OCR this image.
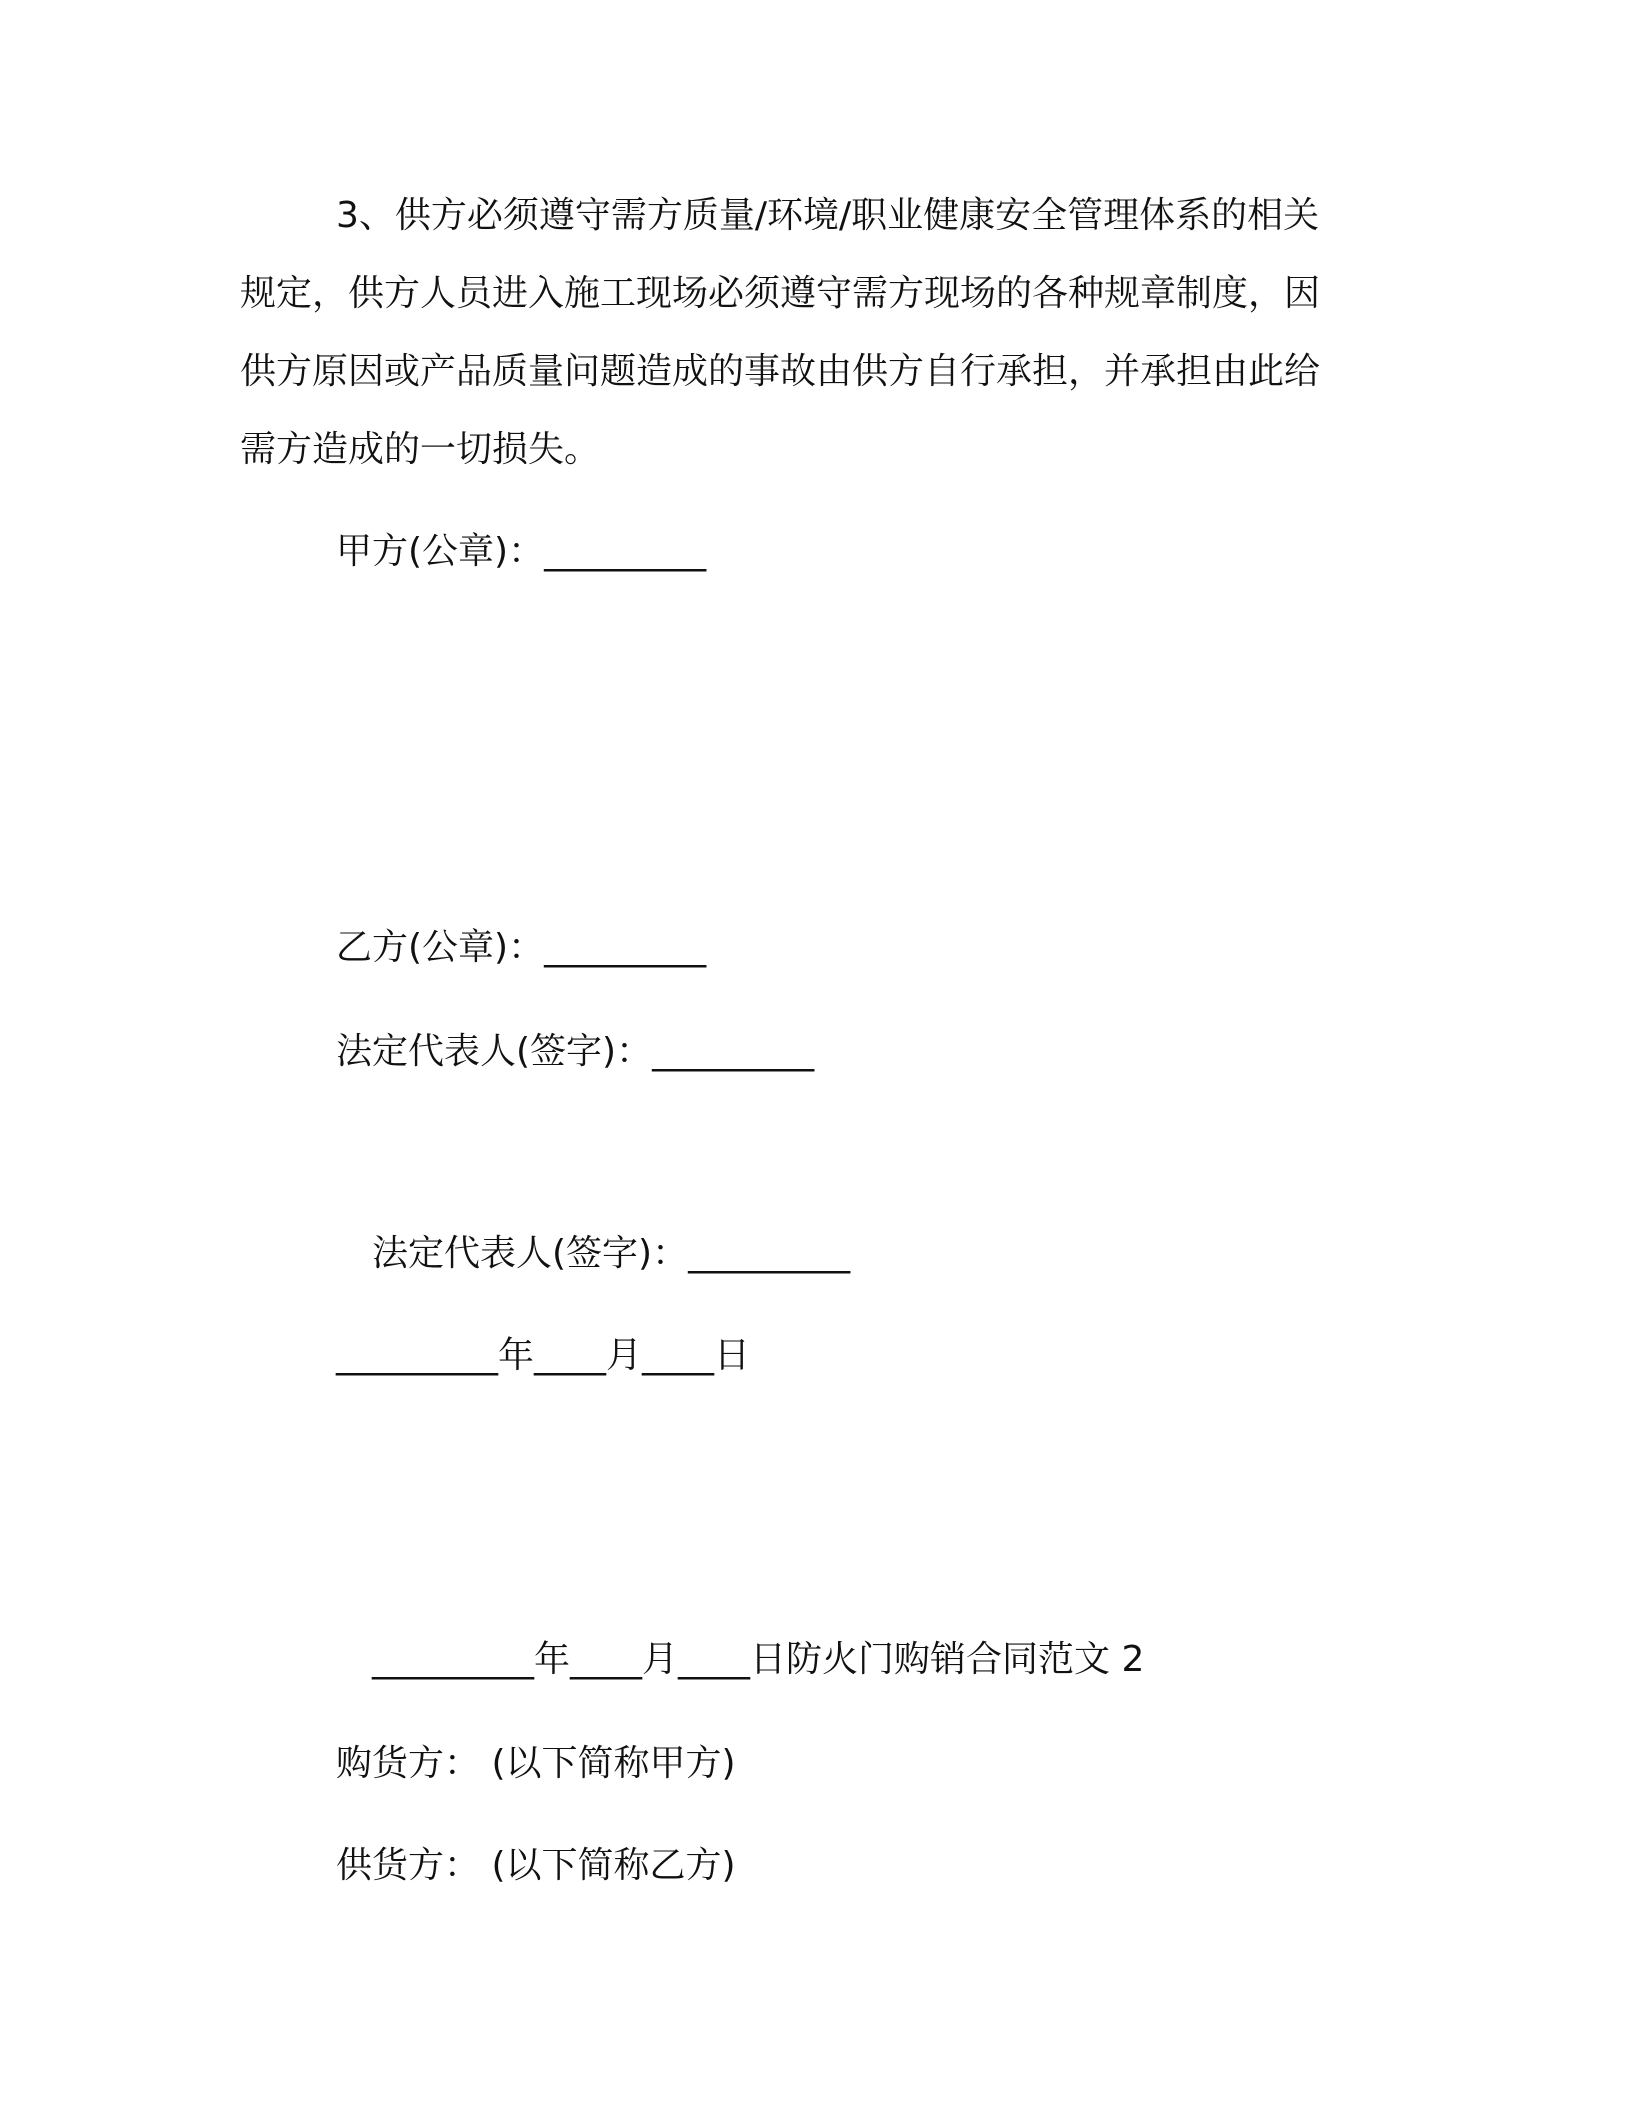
3、供方必须遵守需方质量/环境/职业健康安全管理体系的相关
规定，供方人员进入施工现场必须遵守需方现场的各种规章制度，因
供方原因或产品质量问题造成的事故由供方自行承担，并承担由此给
需方造成的一切损失。
甲方(公章)：_________
乙方(公章)：_________
法定代表人(签字)：_________
法定代表人(签字)：_________
_________年____月____日
_________年____月____日防火门购销合同范文 2
购货方： (以下简称甲方)
供货方： (以下简称乙方)
